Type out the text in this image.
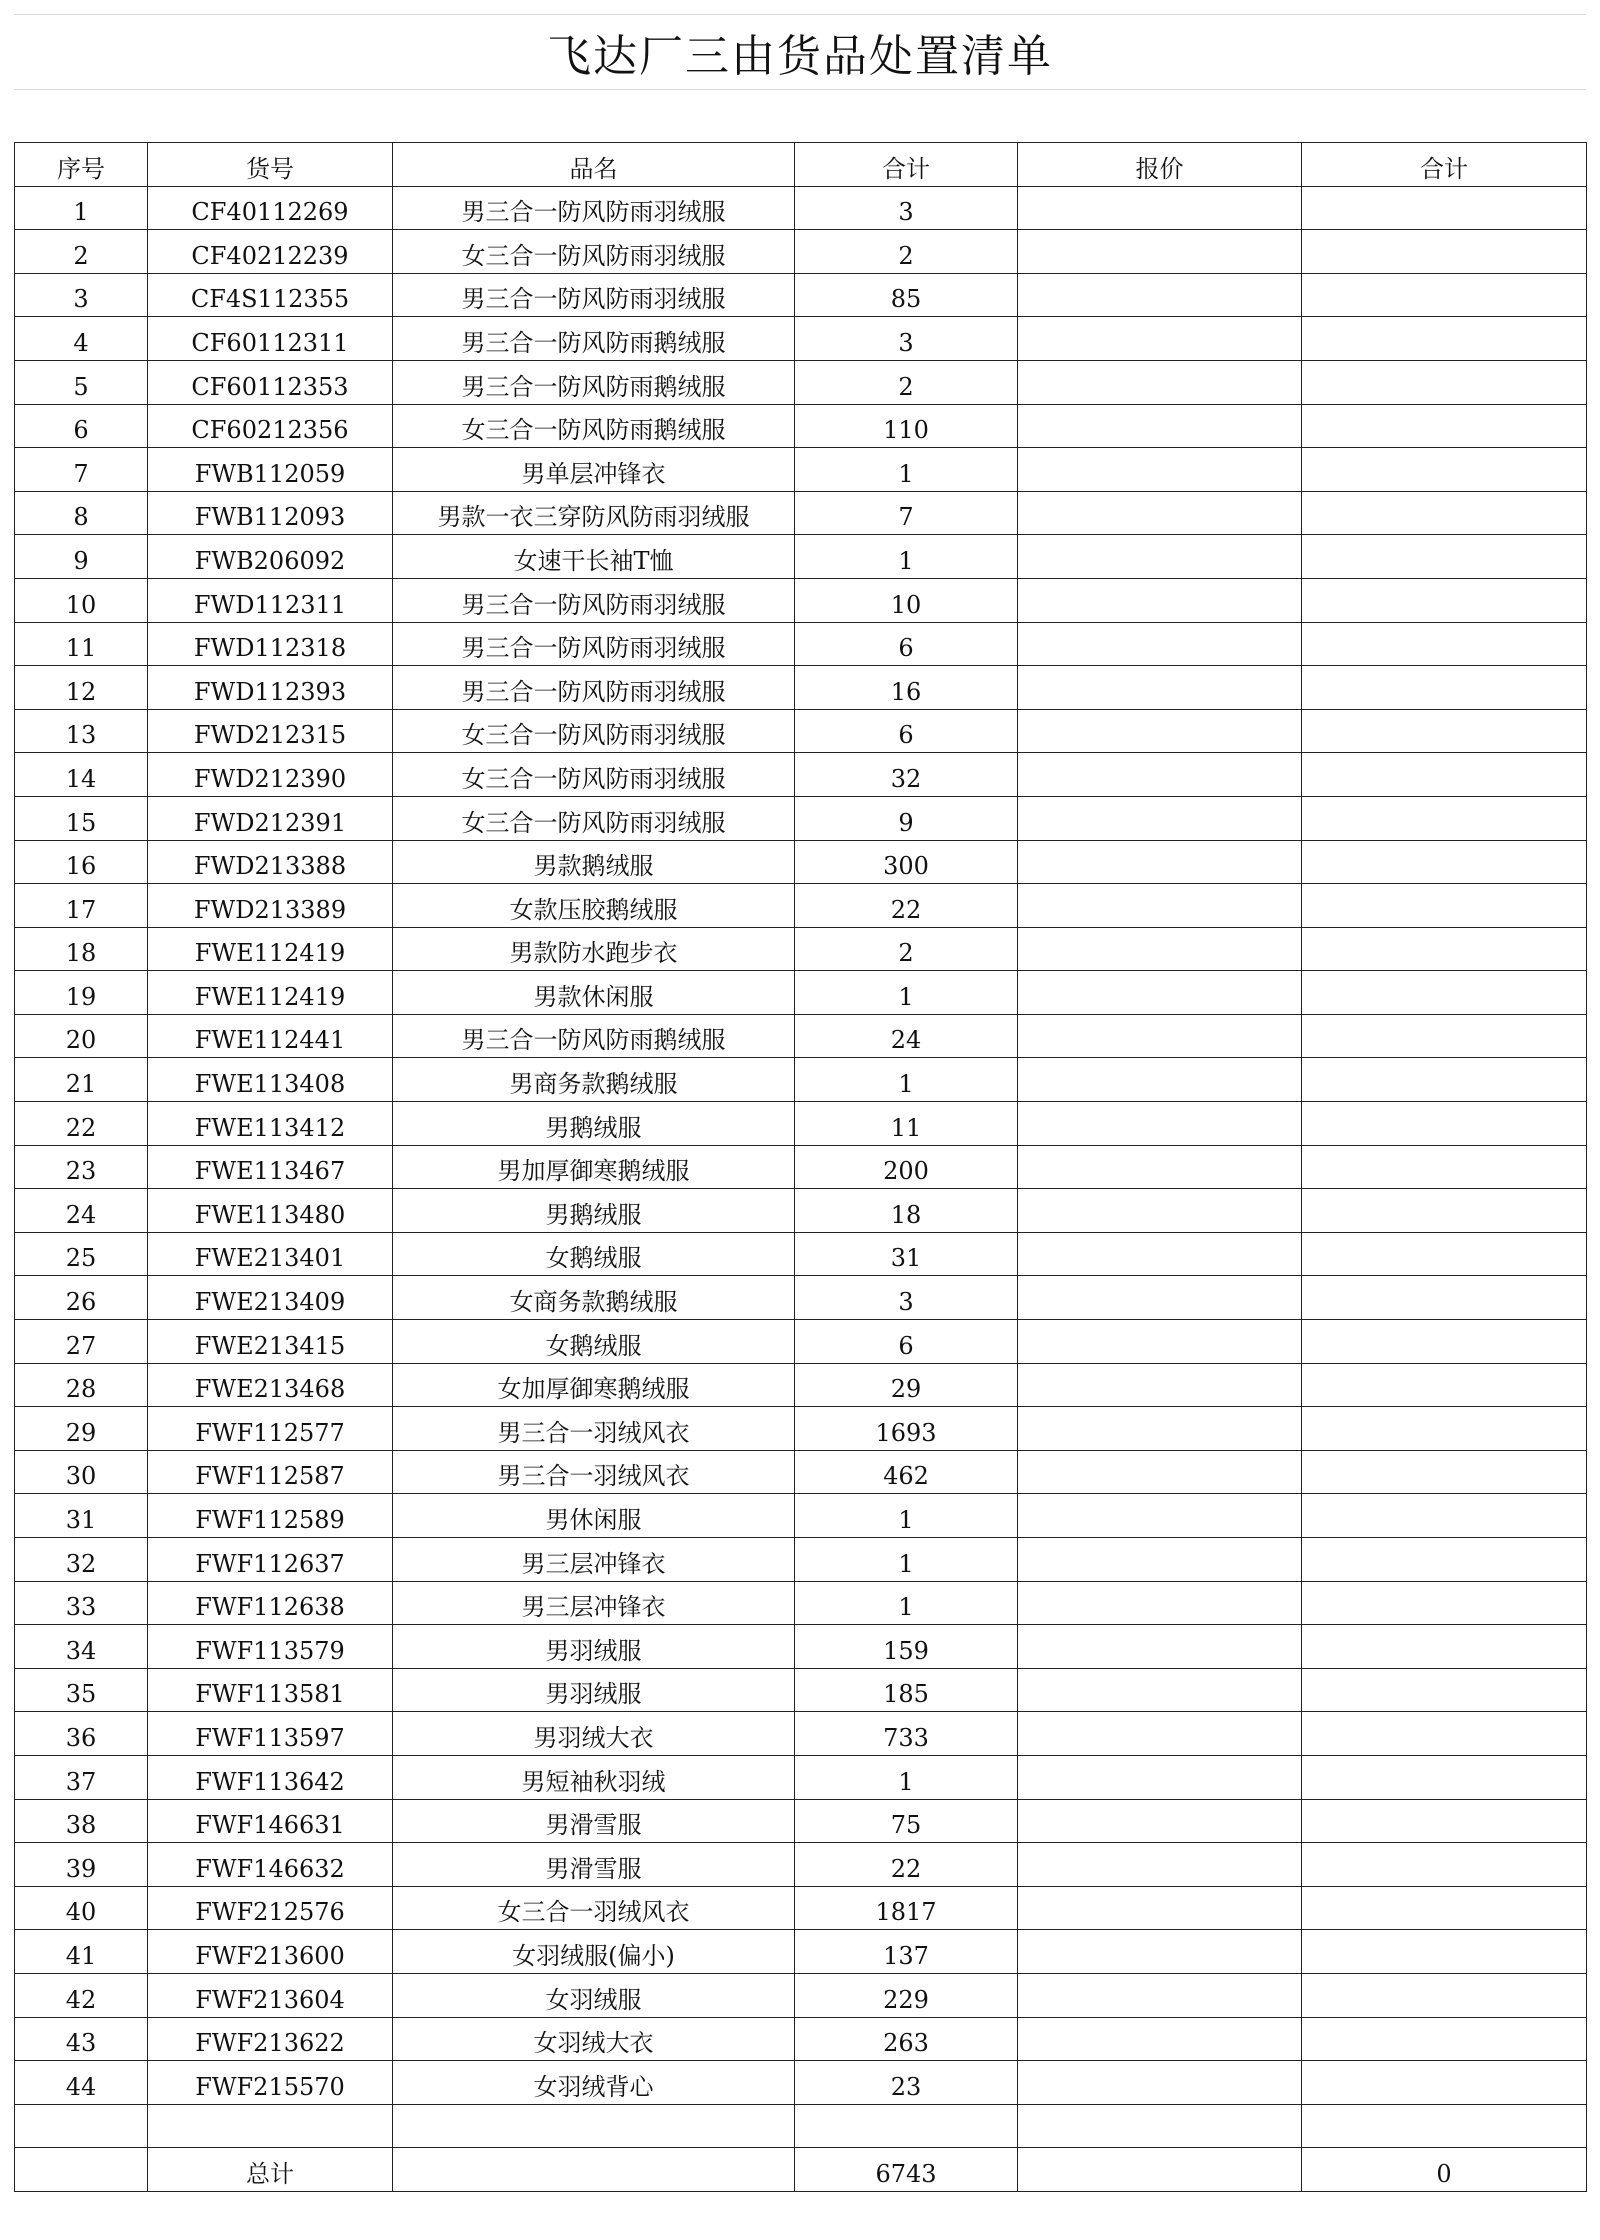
飞达厂三由货品处置清单
序号	货号	品名	合计	报价	合计

1	CF40112269	男三合一防风防雨羽绒服	3		

2	CF40212239	女三合一防风防雨羽绒服	2		

3	CF4S112355	男三合一防风防雨羽绒服	85		

4	CF60112311	男三合一防风防雨鹅绒服	3		

5	CF60112353	男三合一防风防雨鹅绒服	2		

6	CF60212356	女三合一防风防雨鹅绒服	110		

7	FWB112059	男单层冲锋衣	1		

8	FWB112093	男款一衣三穿防风防雨羽绒服	7		

9	FWB206092	女速干长袖T恤	1		

10	FWD112311	男三合一防风防雨羽绒服	10		

11	FWD112318	男三合一防风防雨羽绒服	6		

12	FWD112393	男三合一防风防雨羽绒服	16		

13	FWD212315	女三合一防风防雨羽绒服	6		

14	FWD212390	女三合一防风防雨羽绒服	32		

15	FWD212391	女三合一防风防雨羽绒服	9		

16	FWD213388	男款鹅绒服	300		

17	FWD213389	女款压胶鹅绒服	22		

18	FWE112419	男款防水跑步衣	2		

19	FWE112419	男款休闲服	1		

20	FWE112441	男三合一防风防雨鹅绒服	24		

21	FWE113408	男商务款鹅绒服	1		

22	FWE113412	男鹅绒服	11		

23	FWE113467	男加厚御寒鹅绒服	200		

24	FWE113480	男鹅绒服	18		

25	FWE213401	女鹅绒服	31		

26	FWE213409	女商务款鹅绒服	3		

27	FWE213415	女鹅绒服	6		

28	FWE213468	女加厚御寒鹅绒服	29		

29	FWF112577	男三合一羽绒风衣	1693		

30	FWF112587	男三合一羽绒风衣	462		

31	FWF112589	男休闲服	1		

32	FWF112637	男三层冲锋衣	1		

33	FWF112638	男三层冲锋衣	1		

34	FWF113579	男羽绒服	159		

35	FWF113581	男羽绒服	185		

36	FWF113597	男羽绒大衣	733		

37	FWF113642	男短袖秋羽绒	1		

38	FWF146631	男滑雪服	75		

39	FWF146632	男滑雪服	22		

40	FWF212576	女三合一羽绒风衣	1817		

41	FWF213600	女羽绒服(偏小)	137		

42	FWF213604	女羽绒服	229		

43	FWF213622	女羽绒大衣	263		

44	FWF215570	女羽绒背心	23		

	总计		6743		0
